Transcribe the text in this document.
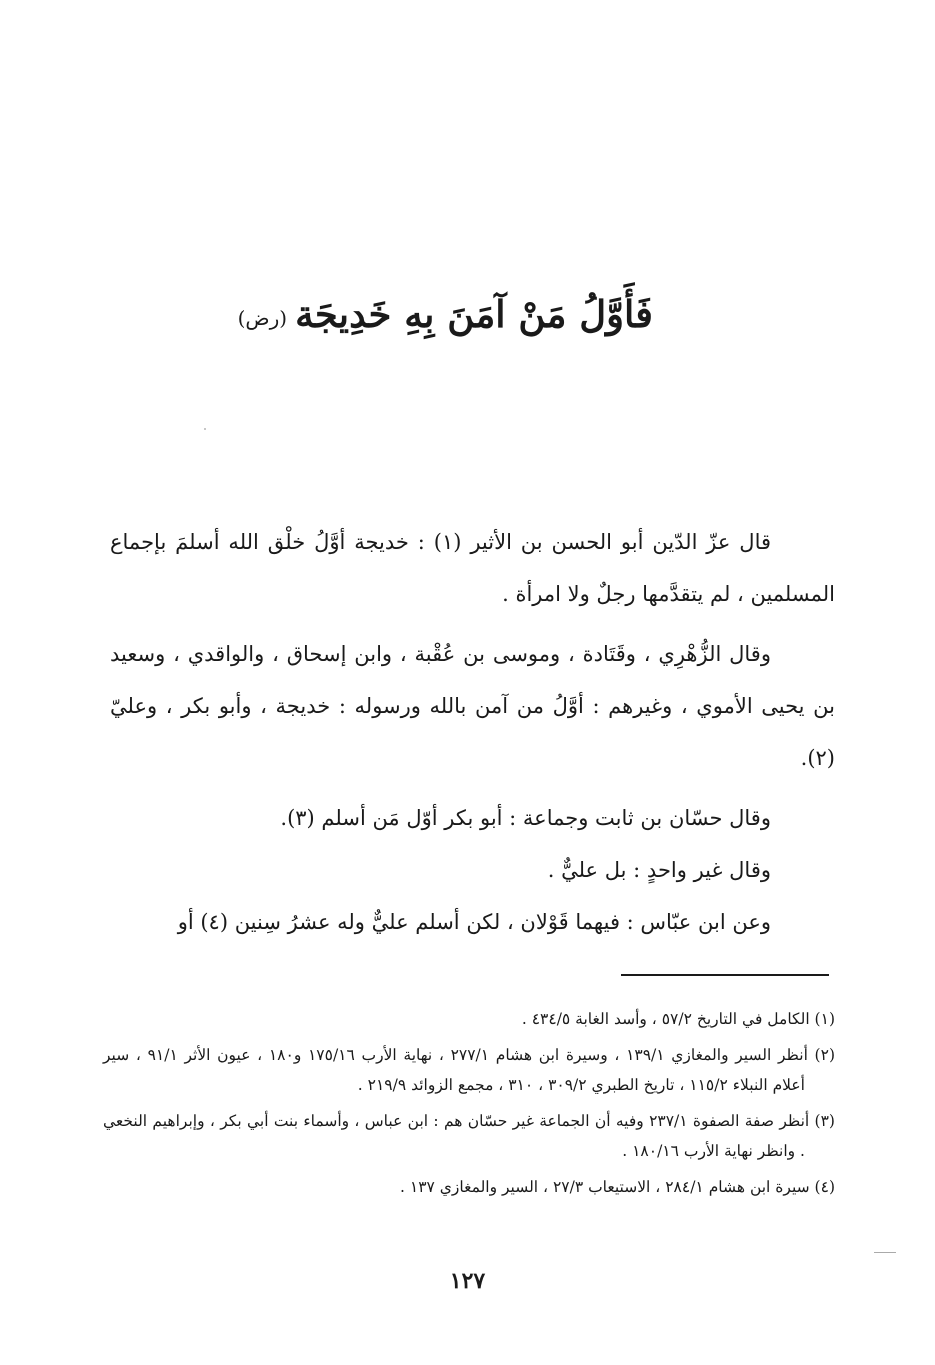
فَأَوَّلُ مَنْ آمَنَ بِهِ خَدِيجَة(رض)

قال عزّ الدّين أبو الحسن بن الأثير (١) : خديجة أوَّلُ خلْق الله أسلمَ بإجماع المسلمين ، لم يتقدَّمها رجلٌ ولا امرأة .

وقال الزُّهْرِي ، وقَتَادة ، وموسى بن عُقْبة ، وابن إسحاق ، والواقدي ، وسعيد بن يحيى الأموي ، وغيرهم : أوَّلُ من آمن بالله ورسوله : خديجة ، وأبو بكر ، وعليّ (٢).

وقال حسّان بن ثابت وجماعة : أبو بكر أوّل مَن أسلم (٣).

وقال غير واحدٍ : بل عليٌّ .

وعن ابن عبّاس : فيهما قَوْلان ، لكن أسلم عليٌّ وله عشرُ سِنين (٤) أو

(١) الكامل في التاريخ ٥٧/٢ ، وأسد الغابة ٤٣٤/٥ .

(٢) أنظر السير والمغازي ١٣٩/١ ، وسيرة ابن هشام ٢٧٧/١ ، نهاية الأرب ١٧٥/١٦ و١٨٠ ، عيون الأثر ٩١/١ ، سير أعلام النبلاء ١١٥/٢ ، تاريخ الطبري ٣٠٩/٢ ، ٣١٠ ، مجمع الزوائد ٢١٩/٩ .

(٣) أنظر صفة الصفوة ٢٣٧/١ وفيه أن الجماعة غير حسّان هم : ابن عباس ، وأسماء بنت أبي بكر ، وإبراهيم النخعي . وانظر نهاية الأرب ١٨٠/١٦ .

(٤) سيرة ابن هشام ٢٨٤/١ ، الاستيعاب ٢٧/٣ ، السير والمغازي ١٣٧ .

١٢٧
